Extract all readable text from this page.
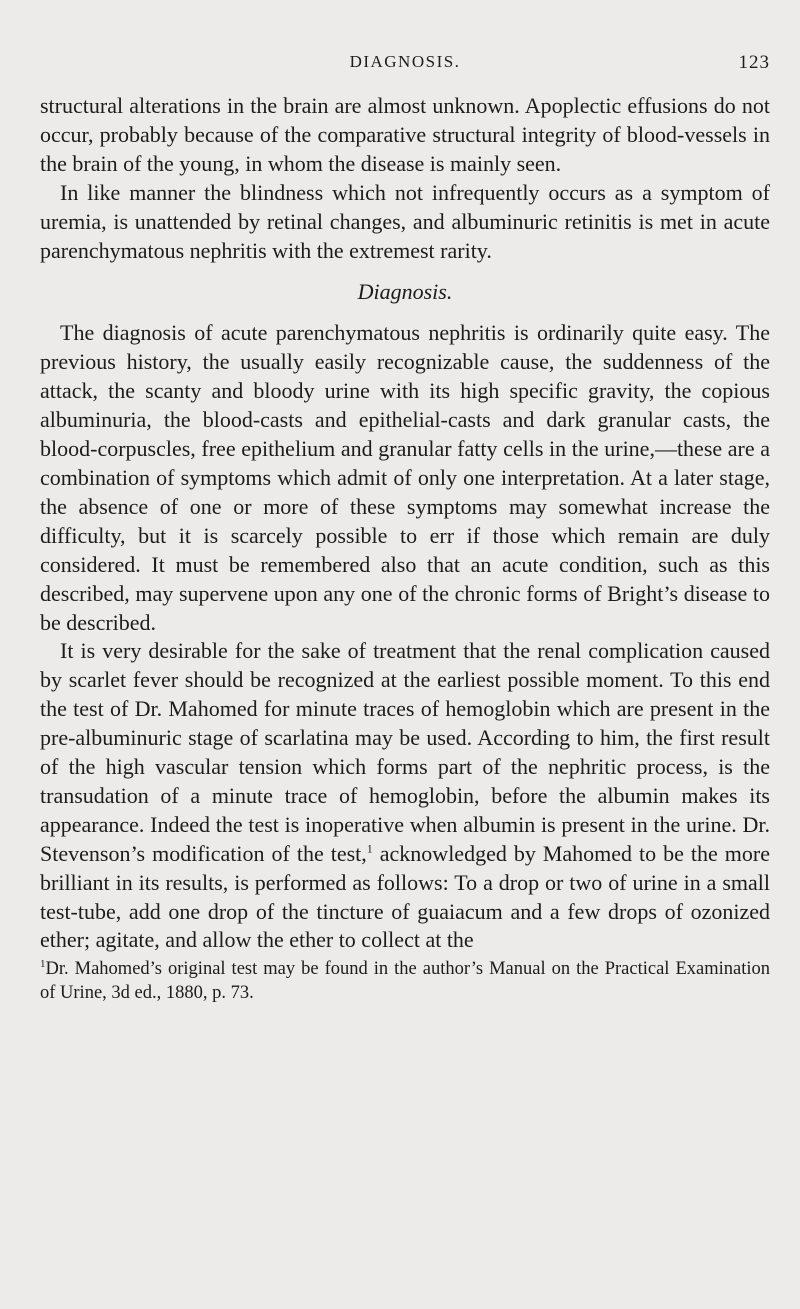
DIAGNOSIS.	123

structural alterations in the brain are almost unknown. Apoplectic effusions do not occur, probably because of the comparative structural integrity of blood-vessels in the brain of the young, in whom the disease is mainly seen.

In like manner the blindness which not infrequently occurs as a symptom of uremia, is unattended by retinal changes, and albuminuric retinitis is met in acute parenchymatous nephritis with the extremest rarity.

Diagnosis.

The diagnosis of acute parenchymatous nephritis is ordinarily quite easy. The previous history, the usually easily recognizable cause, the suddenness of the attack, the scanty and bloody urine with its high specific gravity, the copious albuminuria, the blood-casts and epithelial-casts and dark granular casts, the blood-corpuscles, free epithelium and granular fatty cells in the urine,—these are a combination of symptoms which admit of only one interpretation. At a later stage, the absence of one or more of these symptoms may somewhat increase the difficulty, but it is scarcely possible to err if those which remain are duly considered. It must be remembered also that an acute condition, such as this described, may supervene upon any one of the chronic forms of Bright’s disease to be described.

It is very desirable for the sake of treatment that the renal complication caused by scarlet fever should be recognized at the earliest possible moment. To this end the test of Dr. Mahomed for minute traces of hemoglobin which are present in the pre-albuminuric stage of scarlatina may be used. According to him, the first result of the high vascular tension which forms part of the nephritic process, is the transudation of a minute trace of hemoglobin, before the albumin makes its appearance. Indeed the test is inoperative when albumin is present in the urine. Dr. Stevenson’s modification of the test,$^1$ acknowledged by Mahomed to be the more brilliant in its results, is performed as follows: To a drop or two of urine in a small test-tube, add one drop of the tincture of guaiacum and a few drops of ozonized ether; agitate, and allow the ether to collect at the

$^1$Dr. Mahomed’s original test may be found in the author’s Manual on the Practical Examination of Urine, 3d ed., 1880, p. 73.
